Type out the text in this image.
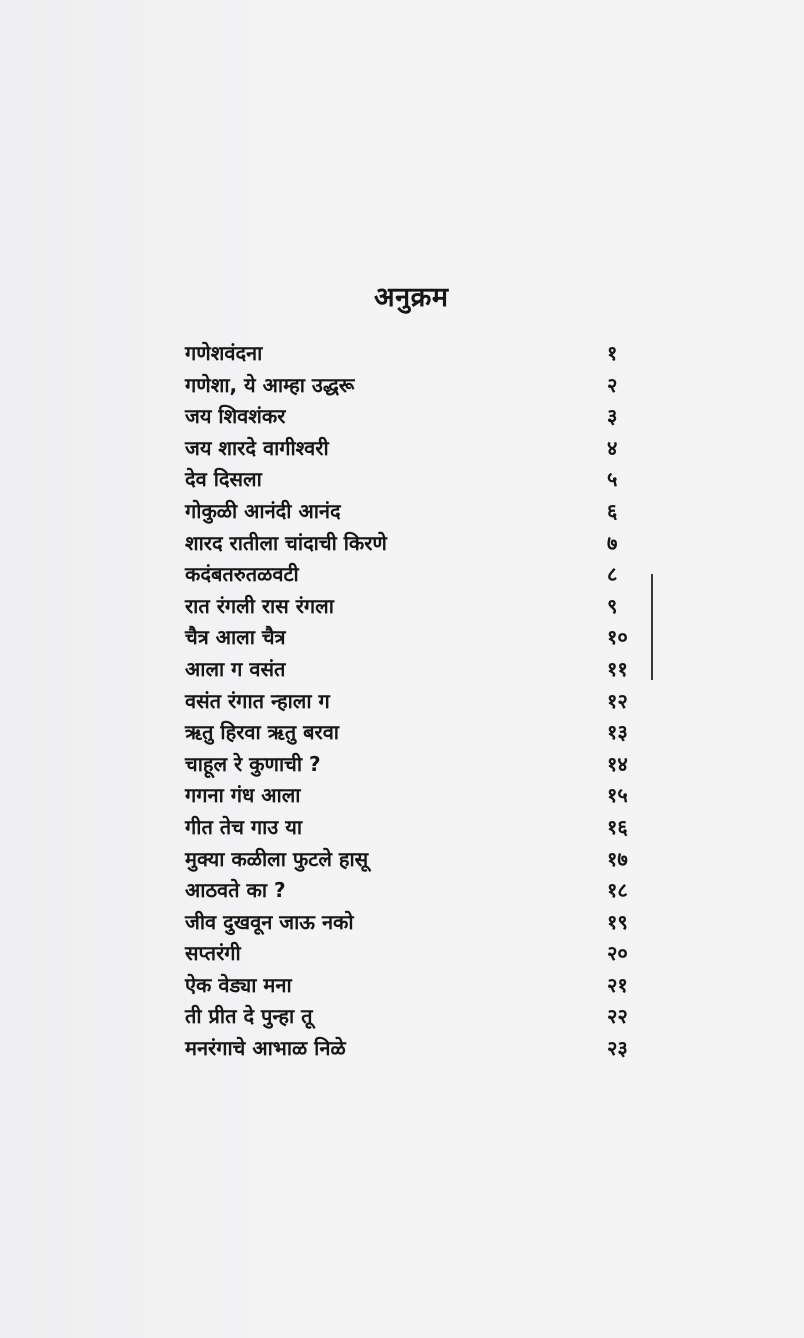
अनुक्रम
गणेशवंदना	१
गणेशा, ये आम्हा उद्धरू	२
जय शिवशंकर	३
जय शारदे वागीश्वरी	४
देव दिसला	५
गोकुळी आनंदी आनंद	६
शारद रातीला चांदाची किरणे	७
कदंबतरुतळवटी	८
रात रंगली रास रंगला	९
चैत्र आला चैत्र	१०
आला ग वसंत	११
वसंत रंगात न्हाला ग	१२
ऋतु हिरवा ऋतु बरवा	१३
चाहूल रे कुणाची ?	१४
गगना गंध आला	१५
गीत तेच गाउ या	१६
मुक्या कळीला फुटले हासू	१७
आठवते का ?	१८
जीव दुखवून जाऊ नको	१९
सप्तरंगी	२०
ऐक वेड्या मना	२१
ती प्रीत दे पुन्हा तू	२२
मनरंगाचे आभाळ निळे	२३
